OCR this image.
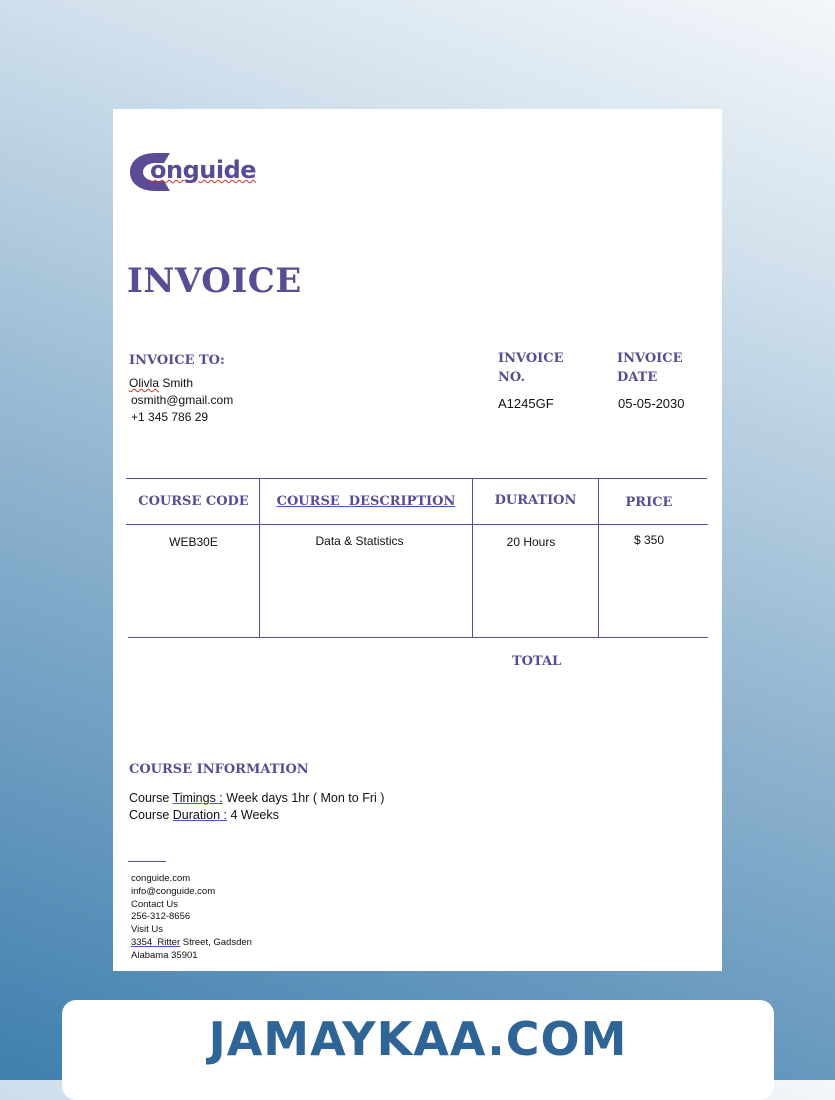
onguide
INVOICE
INVOICE TO:
Olivla Smith
osmith@gmail.com
+1 345 786 29
INVOICE
NO.
A1245GF
INVOICE
DATE
05-05-2030
COURSE CODE	COURSE  DESCRIPTION	DURATION	PRICE
WEB30E	Data & Statistics	20 Hours	$ 350
TOTAL
COURSE INFORMATION
Course Timings : Week days 1hr ( Mon to Fri )
Course Duration : 4 Weeks
conguide.com
info@conguide.com
Contact Us
256-312-8656
Visit Us
3354  Ritter Street, Gadsden
Alabama 35901
JAMAYKAA.COM
